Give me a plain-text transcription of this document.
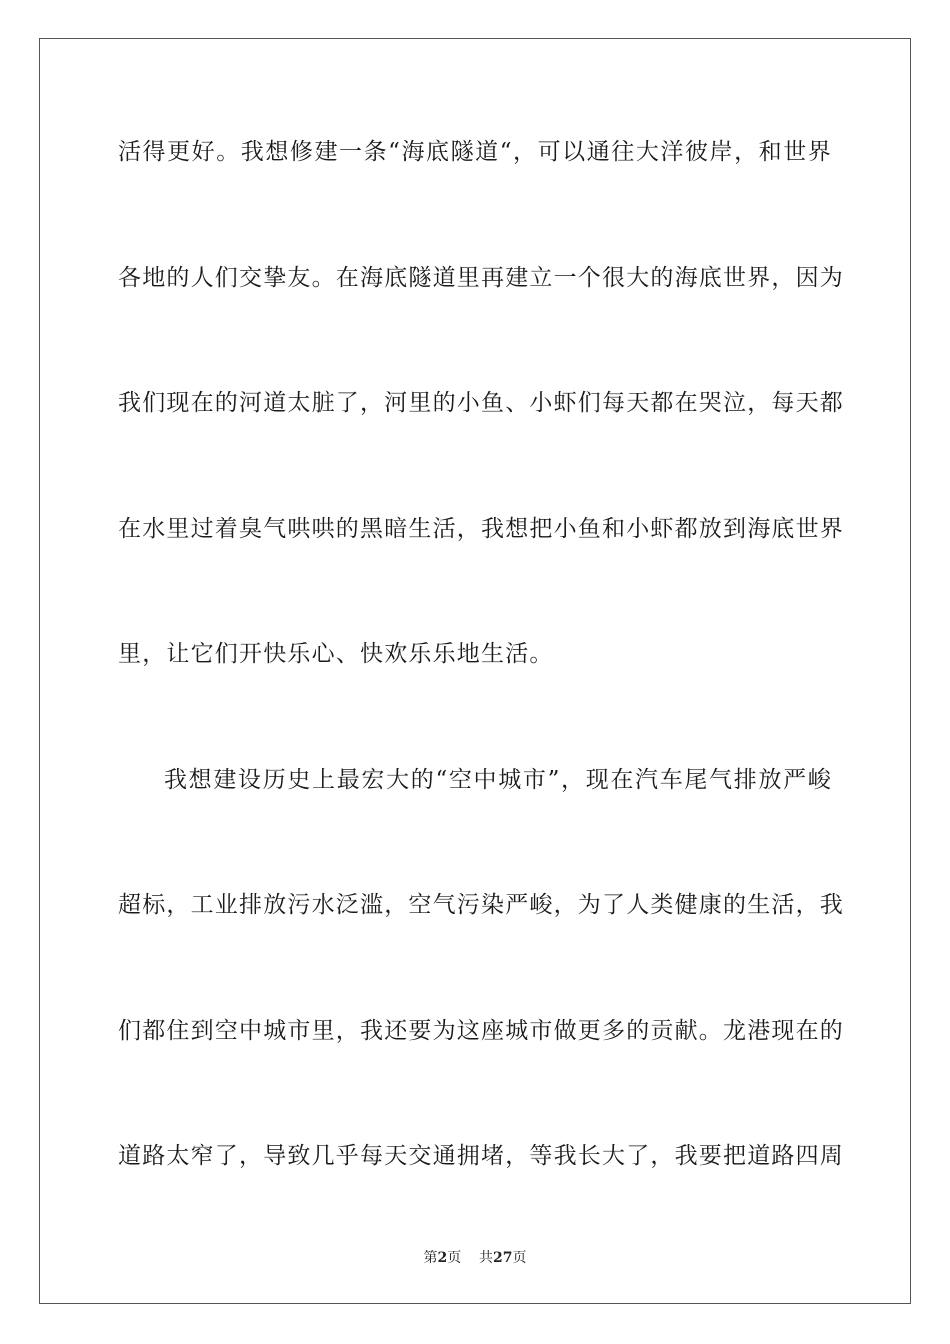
活得更好。我想修建一条“海底隧道“，可以通往大洋彼岸，和世界
各地的人们交挚友。在海底隧道里再建立一个很大的海底世界，因为
我们现在的河道太脏了，河里的小鱼、小虾们每天都在哭泣，每天都
在水里过着臭气哄哄的黑暗生活，我想把小鱼和小虾都放到海底世界
里，让它们开快乐心、快欢乐乐地生活。
我想建设历史上最宏大的“空中城市”，现在汽车尾气排放严峻
超标，工业排放污水泛滥，空气污染严峻，为了人类健康的生活，我
们都住到空中城市里，我还要为这座城市做更多的贡献。龙港现在的
道路太窄了，导致几乎每天交通拥堵，等我长大了，我要把道路四周
第2页 共27页
